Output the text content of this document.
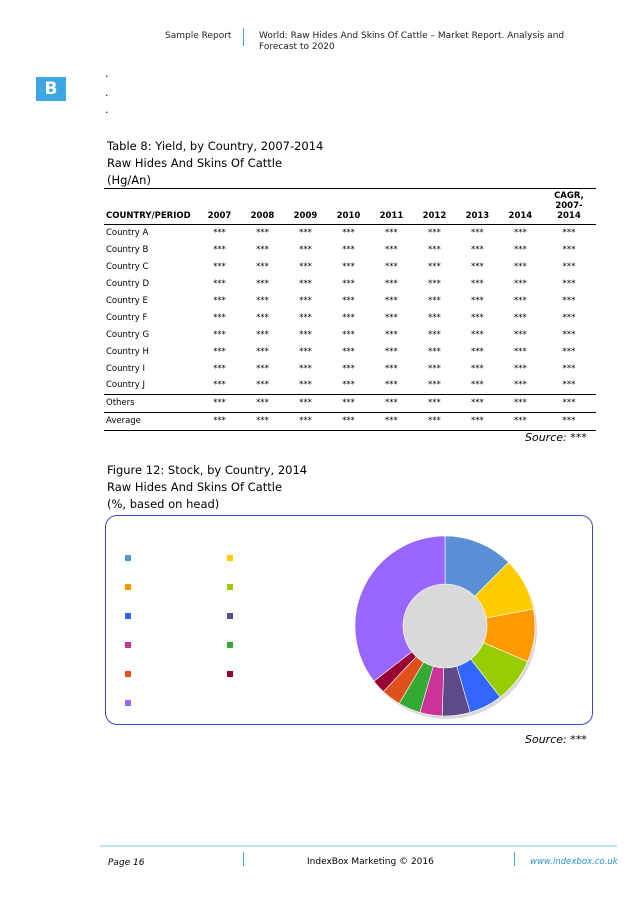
Sample Report	World: Raw Hides And Skins Of Cattle – Market Report. Analysis and
Forecast to 2020
B
.
.
.
Table 8: Yield, by Country, 2007-2014
Raw Hides And Skins Of Cattle
(Hg/An)
COUNTRY/PERIOD	2007	2008	2009	2010	2011	2012	2013	2014	CAGR,
2007-
2014

Country A	***	***	***	***	***	***	***	***	***
Country B	***	***	***	***	***	***	***	***	***
Country C	***	***	***	***	***	***	***	***	***
Country D	***	***	***	***	***	***	***	***	***
Country E	***	***	***	***	***	***	***	***	***
Country F	***	***	***	***	***	***	***	***	***
Country G	***	***	***	***	***	***	***	***	***
Country H	***	***	***	***	***	***	***	***	***
Country I	***	***	***	***	***	***	***	***	***
Country J	***	***	***	***	***	***	***	***	***
Others	***	***	***	***	***	***	***	***	***
Average	***	***	***	***	***	***	***	***	***
Source: ***
Figure 12: Stock, by Country, 2014
Raw Hides And Skins Of Cattle
(%, based on head)
Source: ***
Page 16	IndexBox Marketing © 2016	www.indexbox.co.uk
